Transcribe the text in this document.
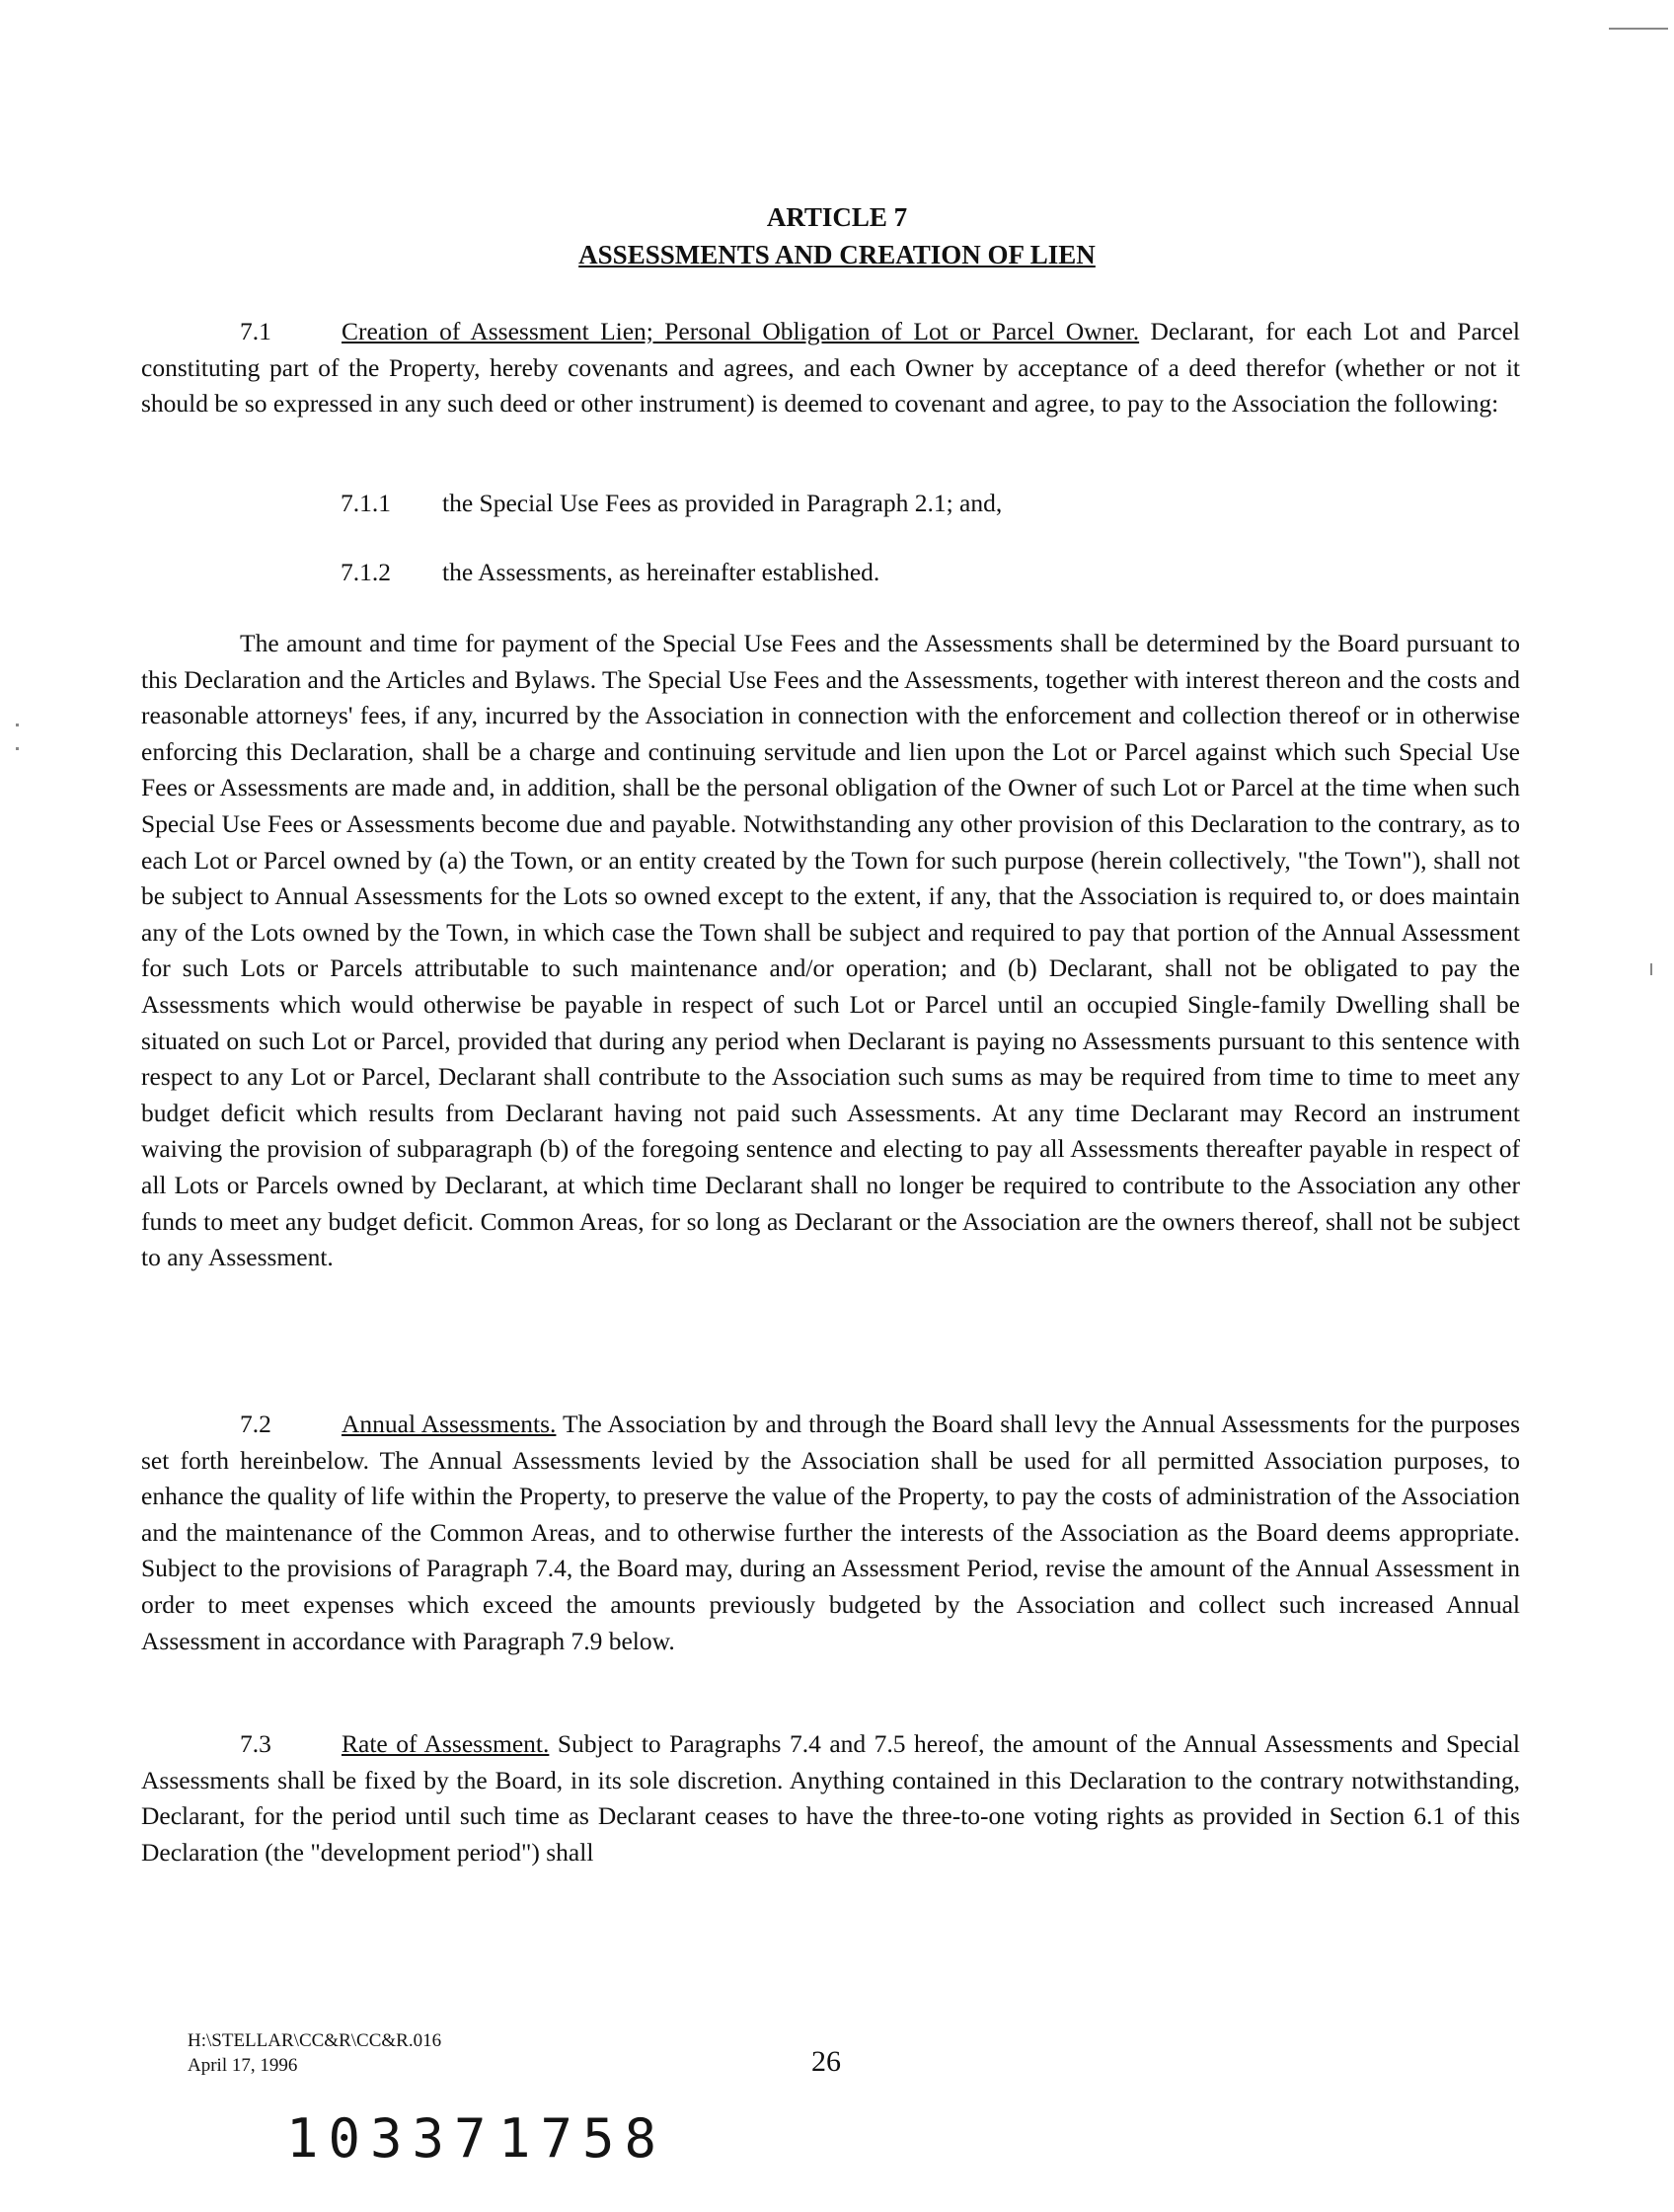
ARTICLE 7
ASSESSMENTS AND CREATION OF LIEN

7.1	Creation of Assessment Lien; Personal Obligation of Lot or Parcel Owner. Declarant, for each Lot and Parcel constituting part of the Property, hereby covenants and agrees, and each Owner by acceptance of a deed therefor (whether or not it should be so expressed in any such deed or other instrument) is deemed to covenant and agree, to pay to the Association the following:

7.1.1 the Special Use Fees as provided in Paragraph 2.1; and,
7.1.2 the Assessments, as hereinafter established.

The amount and time for payment of the Special Use Fees and the Assessments shall be determined by the Board pursuant to this Declaration and the Articles and Bylaws. The Special Use Fees and the Assessments, together with interest thereon and the costs and reasonable attorneys' fees, if any, incurred by the Association in connection with the enforcement and collection thereof or in otherwise enforcing this Declaration, shall be a charge and continuing servitude and lien upon the Lot or Parcel against which such Special Use Fees or Assessments are made and, in addition, shall be the personal obligation of the Owner of such Lot or Parcel at the time when such Special Use Fees or Assessments become due and payable. Notwithstanding any other provision of this Declaration to the contrary, as to each Lot or Parcel owned by (a) the Town, or an entity created by the Town for such purpose (herein collectively, "the Town"), shall not be subject to Annual Assessments for the Lots so owned except to the extent, if any, that the Association is required to, or does maintain any of the Lots owned by the Town, in which case the Town shall be subject and required to pay that portion of the Annual Assessment for such Lots or Parcels attributable to such maintenance and/or operation; and (b) Declarant, shall not be obligated to pay the Assessments which would otherwise be payable in respect of such Lot or Parcel until an occupied Single-family Dwelling shall be situated on such Lot or Parcel, provided that during any period when Declarant is paying no Assessments pursuant to this sentence with respect to any Lot or Parcel, Declarant shall contribute to the Association such sums as may be required from time to time to meet any budget deficit which results from Declarant having not paid such Assessments. At any time Declarant may Record an instrument waiving the provision of subparagraph (b) of the foregoing sentence and electing to pay all Assessments thereafter payable in respect of all Lots or Parcels owned by Declarant, at which time Declarant shall no longer be required to contribute to the Association any other funds to meet any budget deficit. Common Areas, for so long as Declarant or the Association are the owners thereof, shall not be subject to any Assessment.

7.2	Annual Assessments. The Association by and through the Board shall levy the Annual Assessments for the purposes set forth hereinbelow. The Annual Assessments levied by the Association shall be used for all permitted Association purposes, to enhance the quality of life within the Property, to preserve the value of the Property, to pay the costs of administration of the Association and the maintenance of the Common Areas, and to otherwise further the interests of the Association as the Board deems appropriate. Subject to the provisions of Paragraph 7.4, the Board may, during an Assessment Period, revise the amount of the Annual Assessment in order to meet expenses which exceed the amounts previously budgeted by the Association and collect such increased Annual Assessment in accordance with Paragraph 7.9 below.

7.3	Rate of Assessment. Subject to Paragraphs 7.4 and 7.5 hereof, the amount of the Annual Assessments and Special Assessments shall be fixed by the Board, in its sole discretion. Anything contained in this Declaration to the contrary notwithstanding, Declarant, for the period until such time as Declarant ceases to have the three-to-one voting rights as provided in Section 6.1 of this Declaration (the "development period") shall

H:\STELLAR\CC&R\CC&R.016
April 17, 1996	26
10337 1758
